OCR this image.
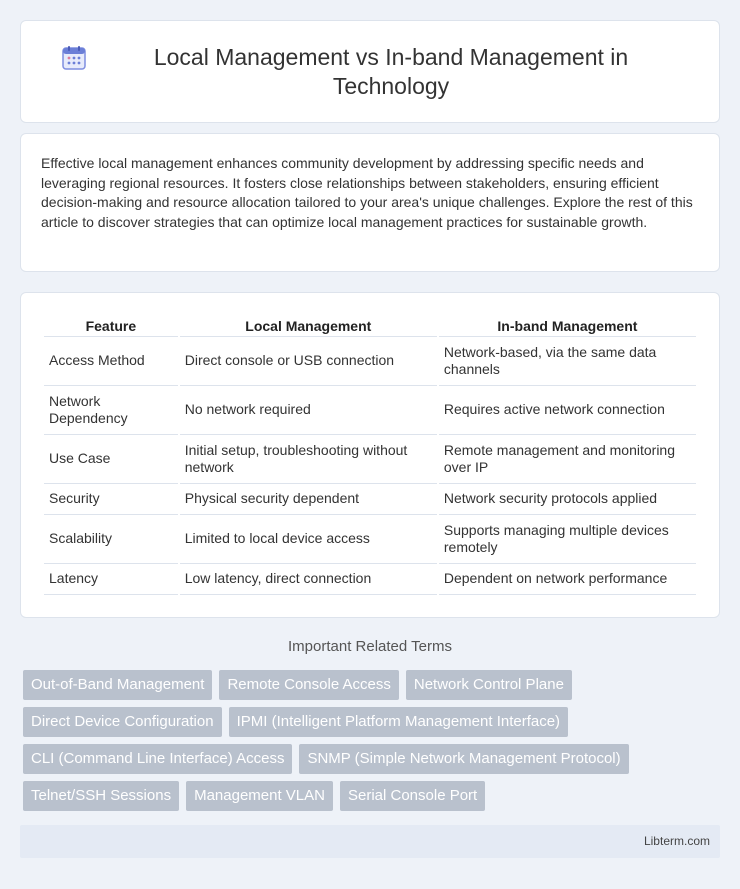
Local Management vs In-band Management in Technology

Effective local management enhances community development by addressing specific needs and leveraging regional resources. It fosters close relationships between stakeholders, ensuring efficient decision-making and resource allocation tailored to your area's unique challenges. Explore the rest of this article to discover strategies that can optimize local management practices for sustainable growth.

Feature	Local Management	In-band Management
Access Method	Direct console or USB connection	Network-based, via the same data channels
Network Dependency	No network required	Requires active network connection
Use Case	Initial setup, troubleshooting without network	Remote management and monitoring over IP
Security	Physical security dependent	Network security protocols applied
Scalability	Limited to local device access	Supports managing multiple devices remotely
Latency	Low latency, direct connection	Dependent on network performance
Important Related Terms
Out-of-Band Management	Remote Console Access	Network Control Plane
Direct Device Configuration	IPMI (Intelligent Platform Management Interface)
CLI (Command Line Interface) Access	SNMP (Simple Network Management Protocol)
Telnet/SSH Sessions	Management VLAN	Serial Console Port
Libterm.com
